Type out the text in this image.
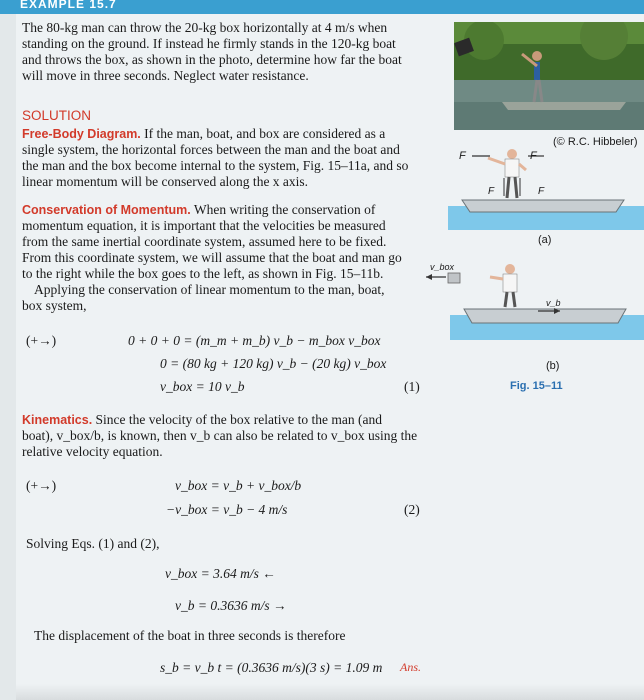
EXAMPLE 15.7
The 80-kg man can throw the 20-kg box horizontally at 4 m/s when
standing on the ground. If instead he firmly stands in the 120-kg boat
and throws the box, as shown in the photo, determine how far the boat
will move in three seconds. Neglect water resistance.
SOLUTION
Free-Body Diagram. If the man, boat, and box are considered as a
single system, the horizontal forces between the man and the boat and
the man and the box become internal to the system, Fig. 15–11a, and so
linear momentum will be conserved along the x axis.
Conservation of Momentum. When writing the conservation of
momentum equation, it is important that the velocities be measured
from the same inertial coordinate system, assumed here to be fixed.
From this coordinate system, we will assume that the boat and man go
to the right while the box goes to the left, as shown in Fig. 15–11b.
Applying the conservation of linear momentum to the man, boat,
box system,
(+→)	0 + 0 + 0 = (m_m + m_b) v_b − m_box v_box
0 = (80 kg + 120 kg) v_b − (20 kg) v_box
v_box = 10 v_b	(1)
Kinematics. Since the velocity of the box relative to the man (and
boat), v_box/b, is known, then v_b can also be related to v_box using the
relative velocity equation.
(+→)	v_box = v_b + v_box/b
−v_box = v_b − 4 m/s	(2)
Solving Eqs. (1) and (2),
v_box = 3.64 m/s ←
v_b = 0.3636 m/s →
The displacement of the boat in three seconds is therefore
s_b = v_b t = (0.3636 m/s)(3 s) = 1.09 m Ans.
(© R.C. Hibbeler)
F	F
F	F
(a)
v_box
v_b
(b)
Fig. 15–11
